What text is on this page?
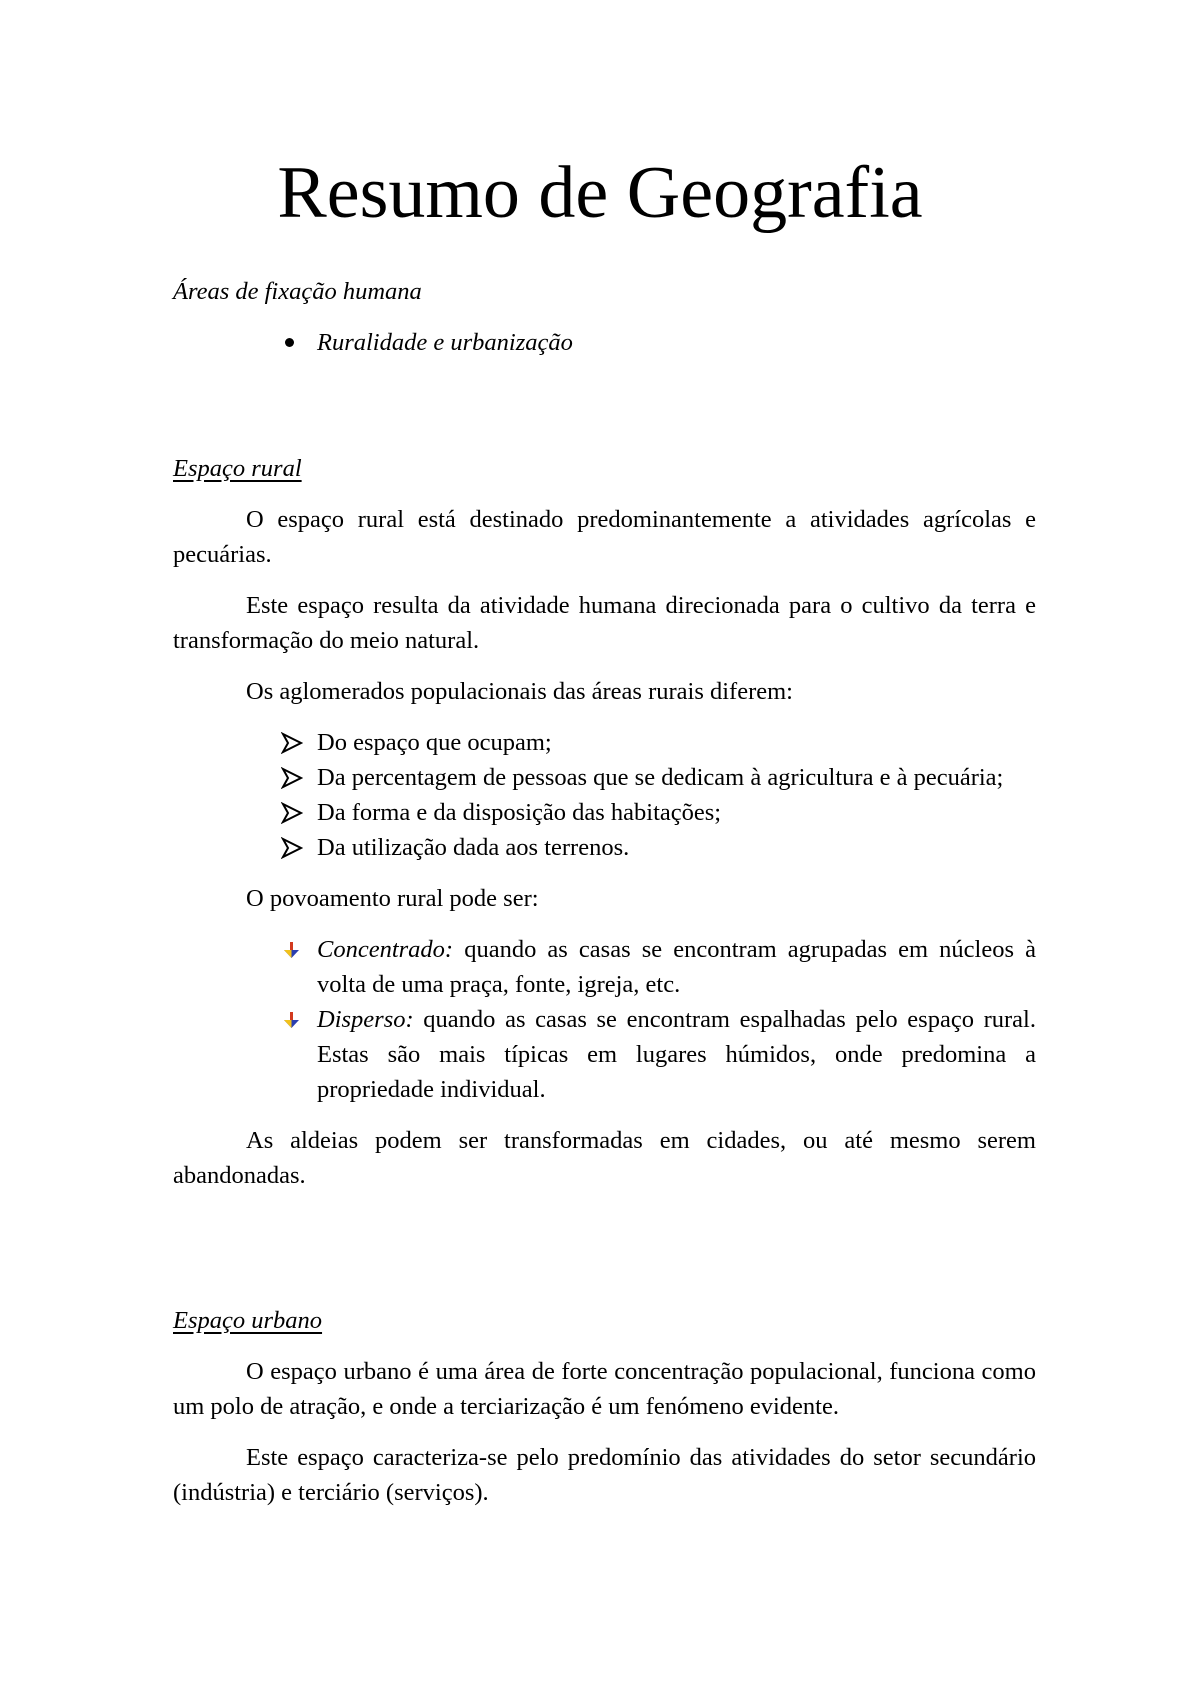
Resumo de Geografia

Áreas de fixação humana

Ruralidade e urbanização

Espaço rural

O espaço rural está destinado predominantemente a atividades agrícolas e pecuárias.

Este espaço resulta da atividade humana direcionada para o cultivo da terra e transformação do meio natural.

Os aglomerados populacionais das áreas rurais diferem:

Do espaço que ocupam;
Da percentagem de pessoas que se dedicam à agricultura e à pecuária;
Da forma e da disposição das habitações;
Da utilização dada aos terrenos.

O povoamento rural pode ser:

Concentrado: quando as casas se encontram agrupadas em núcleos à volta de uma praça, fonte, igreja, etc.
Disperso: quando as casas se encontram espalhadas pelo espaço rural. Estas são mais típicas em lugares húmidos, onde predomina a propriedade individual.

As aldeias podem ser transformadas em cidades, ou até mesmo serem abandonadas.

Espaço urbano

O espaço urbano é uma área de forte concentração populacional, funciona como um polo de atração, e onde a terciarização é um fenómeno evidente.

Este espaço caracteriza-se pelo predomínio das atividades do setor secundário (indústria) e terciário (serviços).
